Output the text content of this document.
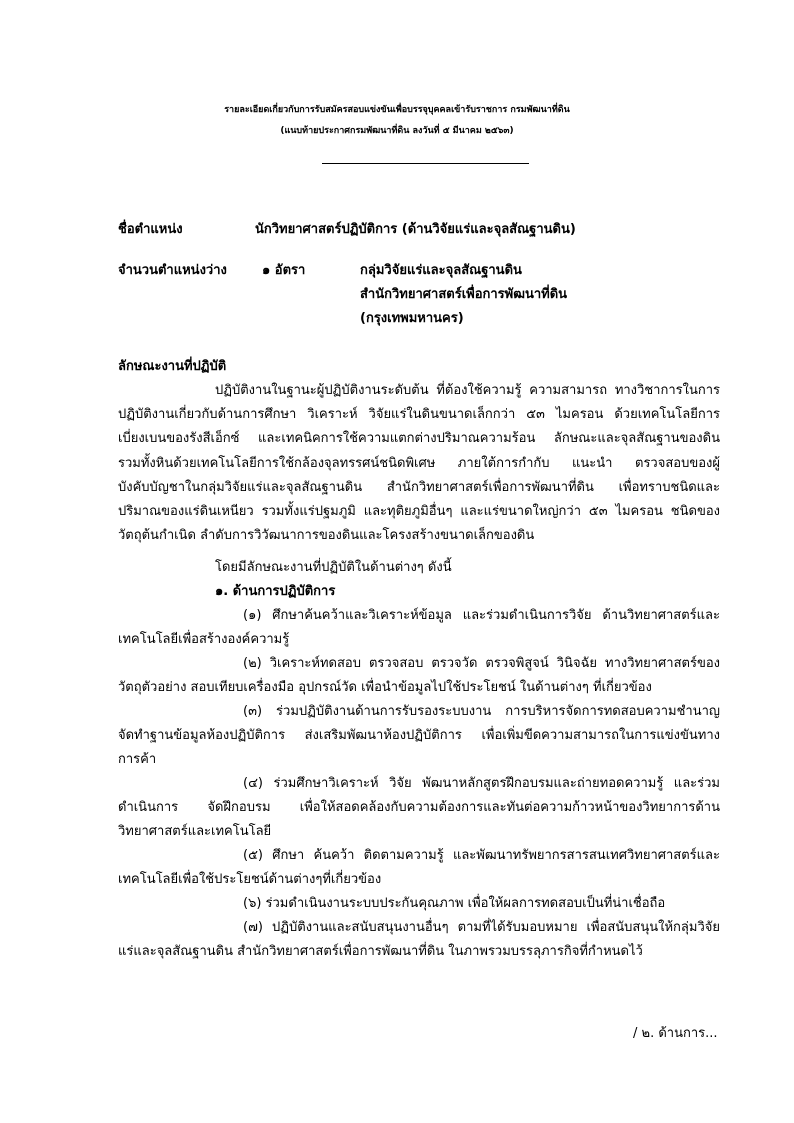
รายละเอียดเกี่ยวกับการรับสมัครสอบแข่งขันเพื่อบรรจุบุคคลเข้ารับราชการ กรมพัฒนาที่ดิน
(แนบท้ายประกาศกรมพัฒนาที่ดิน ลงวันที่ ๕ มีนาคม ๒๕๖๓)
ชื่อตำแหน่ง	นักวิทยาศาสตร์ปฏิบัติการ (ด้านวิจัยแร่และจุลสัณฐานดิน)
จำนวนตำแหน่งว่าง	๑ อัตรา	กลุ่มวิจัยแร่และจุลสัณฐานดิน
สำนักวิทยาศาสตร์เพื่อการพัฒนาที่ดิน
(กรุงเทพมหานคร)
ลักษณะงานที่ปฏิบัติ
ปฏิบัติงานในฐานะผู้ปฏิบัติงานระดับต้น ที่ต้องใช้ความรู้ ความสามารถ ทางวิชาการในการ
ปฏิบัติงานเกี่ยวกับด้านการศึกษา วิเคราะห์ วิจัยแร่ในดินขนาดเล็กกว่า ๕๓ ไมครอน ด้วยเทคโนโลยีการ
เบี่ยงเบนของรังสีเอ็กซ์ และเทคนิคการใช้ความแตกต่างปริมาณความร้อน ลักษณะและจุลสัณฐานของดิน
รวมทั้งหินด้วยเทคโนโลยีการใช้กล้องจุลทรรศน์ชนิดพิเศษ ภายใต้การกำกับ แนะนำ ตรวจสอบของผู้
บังคับบัญชาในกลุ่มวิจัยแร่และจุลสัณฐานดิน สำนักวิทยาศาสตร์เพื่อการพัฒนาที่ดิน เพื่อทราบชนิดและ
ปริมาณของแร่ดินเหนียว รวมทั้งแร่ปฐมภูมิ และทุติยภูมิอื่นๆ และแร่ขนาดใหญ่กว่า ๕๓ ไมครอน ชนิดของ
วัตถุต้นกำเนิด ลำดับการวิวัฒนาการของดินและโครงสร้างขนาดเล็กของดิน
โดยมีลักษณะงานที่ปฏิบัติในด้านต่างๆ ดังนี้
๑. ด้านการปฏิบัติการ
(๑) ศึกษาค้นคว้าและวิเคราะห์ข้อมูล และร่วมดำเนินการวิจัย ด้านวิทยาศาสตร์และ
เทคโนโลยีเพื่อสร้างองค์ความรู้
(๒) วิเคราะห์ทดสอบ ตรวจสอบ ตรวจวัด ตรวจพิสูจน์ วินิจฉัย ทางวิทยาศาสตร์ของ
วัตถุตัวอย่าง สอบเทียบเครื่องมือ อุปกรณ์วัด เพื่อนำข้อมูลไปใช้ประโยชน์ ในด้านต่างๆ ที่เกี่ยวข้อง
(๓) ร่วมปฏิบัติงานด้านการรับรองระบบงาน การบริหารจัดการทดสอบความชำนาญ
จัดทำฐานข้อมูลห้องปฏิบัติการ ส่งเสริมพัฒนาห้องปฏิบัติการ เพื่อเพิ่มขีดความสามารถในการแข่งขันทาง
การค้า
(๔) ร่วมศึกษาวิเคราะห์ วิจัย พัฒนาหลักสูตรฝึกอบรมและถ่ายทอดความรู้ และร่วม
ดำเนินการ จัดฝึกอบรม เพื่อให้สอดคล้องกับความต้องการและทันต่อความก้าวหน้าของวิทยาการด้าน
วิทยาศาสตร์และเทคโนโลยี
(๕) ศึกษา ค้นคว้า ติดตามความรู้ และพัฒนาทรัพยากรสารสนเทศวิทยาศาสตร์และ
เทคโนโลยีเพื่อใช้ประโยชน์ด้านต่างๆที่เกี่ยวข้อง
(๖) ร่วมดำเนินงานระบบประกันคุณภาพ เพื่อให้ผลการทดสอบเป็นที่น่าเชื่อถือ
(๗) ปฏิบัติงานและสนับสนุนงานอื่นๆ ตามที่ได้รับมอบหมาย เพื่อสนับสนุนให้กลุ่มวิจัย
แร่และจุลสัณฐานดิน สำนักวิทยาศาสตร์เพื่อการพัฒนาที่ดิน ในภาพรวมบรรลุภารกิจที่กำหนดไว้
/ ๒. ด้านการ...
